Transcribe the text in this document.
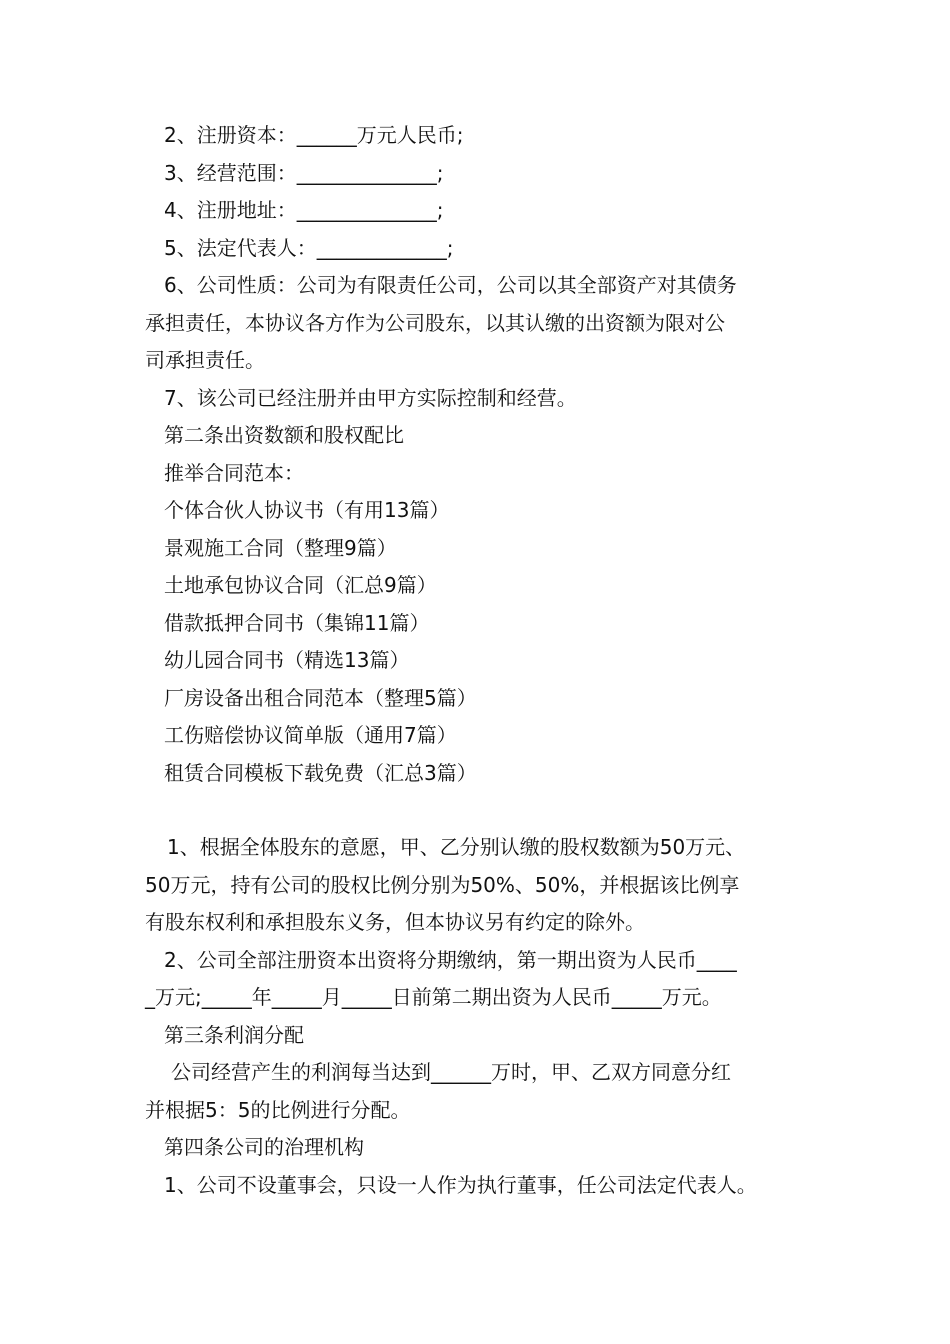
2、注册资本：______万元人民币;
3、经营范围：______________;
4、注册地址：______________;
5、法定代表人：_____________;
6、公司性质：公司为有限责任公司，公司以其全部资产对其债务
承担责任，本协议各方作为公司股东，以其认缴的出资额为限对公
司承担责任。
7、该公司已经注册并由甲方实际控制和经营。
第二条出资数额和股权配比
推举合同范本：
个体合伙人协议书（有用13篇）
景观施工合同（整理9篇）
土地承包协议合同（汇总9篇）
借款抵押合同书（集锦11篇）
幼儿园合同书（精选13篇）
厂房设备出租合同范本（整理5篇）
工伤赔偿协议简单版（通用7篇）
租赁合同模板下载免费（汇总3篇）
1、根据全体股东的意愿，甲、乙分别认缴的股权数额为50万元、
50万元，持有公司的股权比例分别为50%、50%，并根据该比例享
有股东权利和承担股东义务，但本协议另有约定的除外。
2、公司全部注册资本出资将分期缴纳，第一期出资为人民币____
_万元;_____年_____月_____日前第二期出资为人民币_____万元。
第三条利润分配
公司经营产生的利润每当达到______万时，甲、乙双方同意分红
并根据5：5的比例进行分配。
第四条公司的治理机构
1、公司不设董事会，只设一人作为执行董事，任公司法定代表人。
